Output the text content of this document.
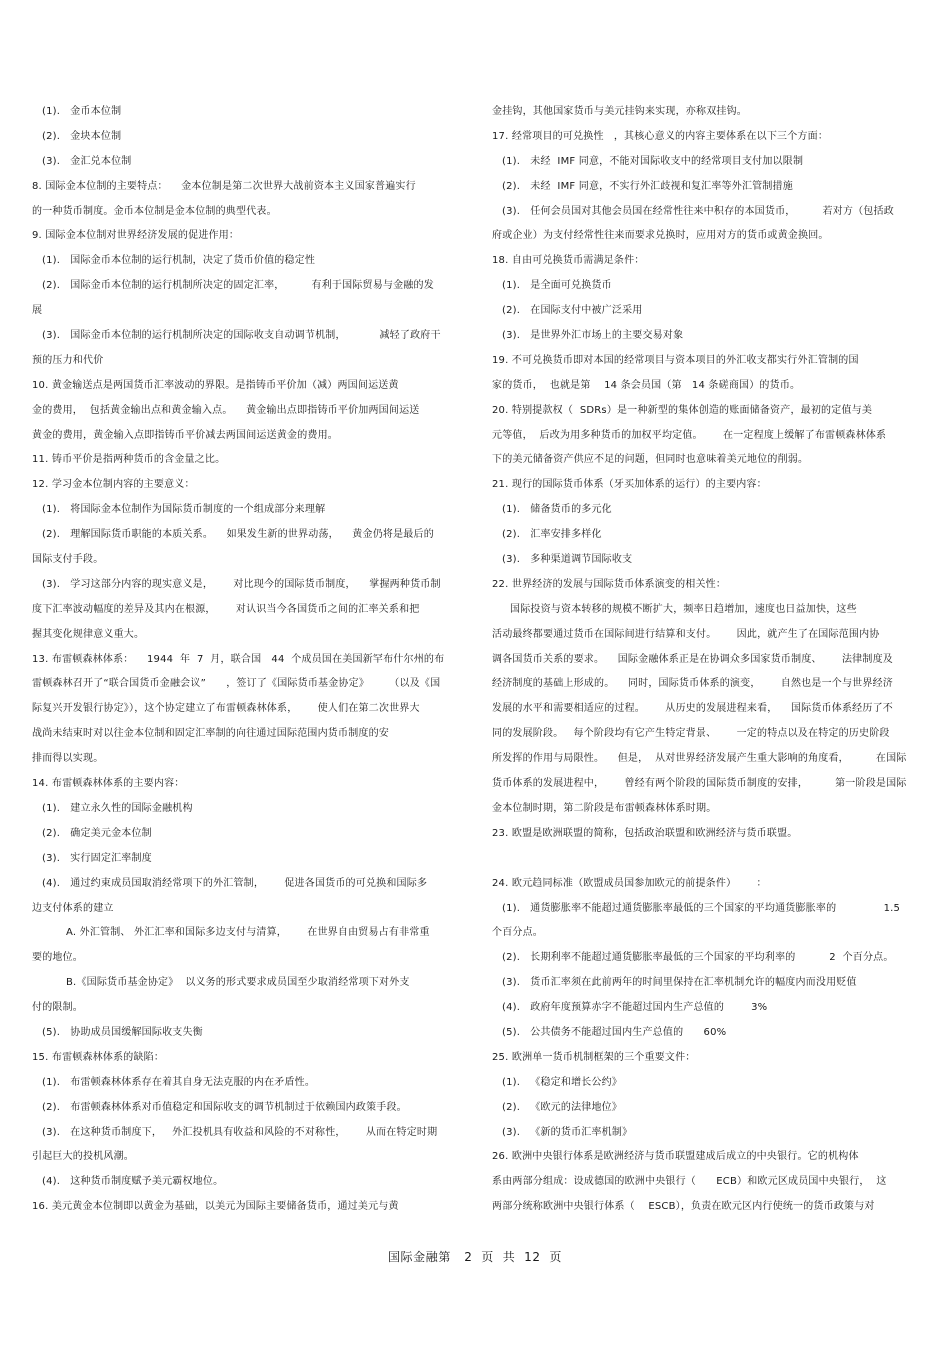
(1).   金币本位制
(2).   金块本位制
(3).   金汇兑本位制
8. 国际金本位制的主要特点：    金本位制是第二次世界大战前资本主义国家普遍实行
的一种货币制度。金币本位制是金本位制的典型代表。
9. 国际金本位制对世界经济发展的促进作用：
(1).   国际金币本位制的运行机制，决定了货币价值的稳定性
(2).   国际金币本位制的运行机制所决定的固定汇率，        有利于国际贸易与金融的发
展
(3).   国际金币本位制的运行机制所决定的国际收支自动调节机制，          减轻了政府干
预的压力和代价
10. 黄金输送点是两国货币汇率波动的界限。是指铸币平价加（减）两国间运送黄
金的费用，  包括黄金输出点和黄金输入点。    黄金输出点即指铸币平价加两国间运送
黄金的费用，黄金输入点即指铸币平价减去两国间运送黄金的费用。
11. 铸币平价是指两种货币的含金量之比。
12. 学习金本位制内容的主要意义：
(1).   将国际金本位制作为国际货币制度的一个组成部分来理解
(2).   理解国际货币职能的本质关系。    如果发生新的世界动荡，    黄金仍将是最后的
国际支付手段。
(3).   学习这部分内容的现实意义是，      对比现今的国际货币制度，    掌握两种货币制
度下汇率波动幅度的差异及其内在根源，      对认识当今各国货币之间的汇率关系和把
握其变化规律意义重大。
13. 布雷顿森林体系：    1944  年  7  月，联合国   44  个成员国在美国新罕布什尔州的布
雷顿森林召开了“联合国货币金融会议”      ，签订了《国际货币基金协定》      （以及《国
际复兴开发银行协定》），这个协定建立了布雷顿森林体系，      使人们在第二次世界大
战尚未结束时对以往金本位制和固定汇率制的向往通过国际范围内货币制度的安
排而得以实现。
14. 布雷顿森林体系的主要内容：
(1).   建立永久性的国际金融机构
(2).   确定美元金本位制
(3).   实行固定汇率制度
(4).   通过约束成员国取消经常项下的外汇管制，      促进各国货币的可兑换和国际多
边支付体系的建立
A. 外汇管制、 外汇汇率和国际多边支付与清算，      在世界自由贸易占有非常重
要的地位。
B.《国际货币基金协定》  以义务的形式要求成员国至少取消经常项下对外支
付的限制。
(5).   协助成员国缓解国际收支失衡
15. 布雷顿森林体系的缺陷：
(1).   布雷顿森林体系存在着其自身无法克服的内在矛盾性。
(2).   布雷顿森林体系对币值稳定和国际收支的调节机制过于依赖国内政策手段。
(3).   在这种货币制度下，   外汇投机具有收益和风险的不对称性，      从而在特定时期
引起巨大的投机风潮。
(4).   这种货币制度赋予美元霸权地位。
16. 美元黄金本位制即以黄金为基础，以美元为国际主要储备货币，通过美元与黄
金挂钩，其他国家货币与美元挂钩来实现，亦称双挂钩。
17. 经常项目的可兑换性   ，其核心意义的内容主要体系在以下三个方面：
(1).   未经  IMF 同意，不能对国际收支中的经常项目支付加以限制
(2).   未经  IMF 同意，不实行外汇歧视和复汇率等外汇管制措施
(3).   任何会员国对其他会员国在经常性往来中积存的本国货币，        若对方（包括政
府或企业）为支付经常性往来而要求兑换时，应用对方的货币或黄金换回。
18. 自由可兑换货币需满足条件：
(1).   是全面可兑换货币
(2).   在国际支付中被广泛采用
(3).   是世界外汇市场上的主要交易对象
19. 不可兑换货币即对本国的经常项目与资本项目的外汇收支都实行外汇管制的国
家的货币，  也就是第    14 条会员国（第   14 条磋商国）的货币。
20. 特别提款权（  SDRs）是一种新型的集体创造的账面储备资产，最初的定值与美
元等值，  后改为用多种货币的加权平均定值。      在一定程度上缓解了布雷顿森林体系
下的美元储备资产供应不足的问题，但同时也意味着美元地位的削弱。
21. 现行的国际货币体系（牙买加体系的运行）的主要内容：
(1).   储备货币的多元化
(2).   汇率安排多样化
(3).   多种渠道调节国际收支
22. 世界经济的发展与国际货币体系演变的相关性：
国际投资与资本转移的规模不断扩大，频率日趋增加，速度也日益加快，这些
活动最终都要通过货币在国际间进行结算和支付。      因此，就产生了在国际范围内协
调各国货币关系的要求。    国际金融体系正是在协调众多国家货币制度、      法律制度及
经济制度的基础上形成的。    同时，国际货币体系的演变，      自然也是一个与世界经济
发展的水平和需要相适应的过程。      从历史的发展进程来看，    国际货币体系经历了不
同的发展阶段。   每个阶段均有它产生特定背景、      一定的特点以及在特定的历史阶段
所发挥的作用与局限性。    但是，  从对世界经济发展产生重大影响的角度看，        在国际
货币体系的发展进程中，      曾经有两个阶段的国际货币制度的安排，        第一阶段是国际
金本位制时期，第二阶段是布雷顿森林体系时期。
23. 欧盟是欧洲联盟的简称，包括政治联盟和欧洲经济与货币联盟。
24. 欧元趋同标准（欧盟成员国参加欧元的前提条件）      ：
(1).   通货膨胀率不能超过通货膨胀率最低的三个国家的平均通货膨胀率的              1.5
个百分点。
(2).   长期利率不能超过通货膨胀率最低的三个国家的平均利率的          2  个百分点。
(3).   货币汇率须在此前两年的时间里保持在汇率机制允许的幅度内而没用贬值
(4).   政府年度预算赤字不能超过国内生产总值的        3%
(5).   公共债务不能超过国内生产总值的      60%
25. 欧洲单一货币机制框架的三个重要文件：
(1).   《稳定和增长公约》
(2).   《欧元的法律地位》
(3).   《新的货币汇率机制》
26. 欧洲中央银行体系是欧洲经济与货币联盟建成后成立的中央银行。它的机构体
系由两部分组成：设成德国的欧洲中央银行（      ECB）和欧元区成员国中央银行，  这
两部分统称欧洲中央银行体系（    ESCB），负责在欧元区内行使统一的货币政策与对
国际金融第   2  页  共  12  页
